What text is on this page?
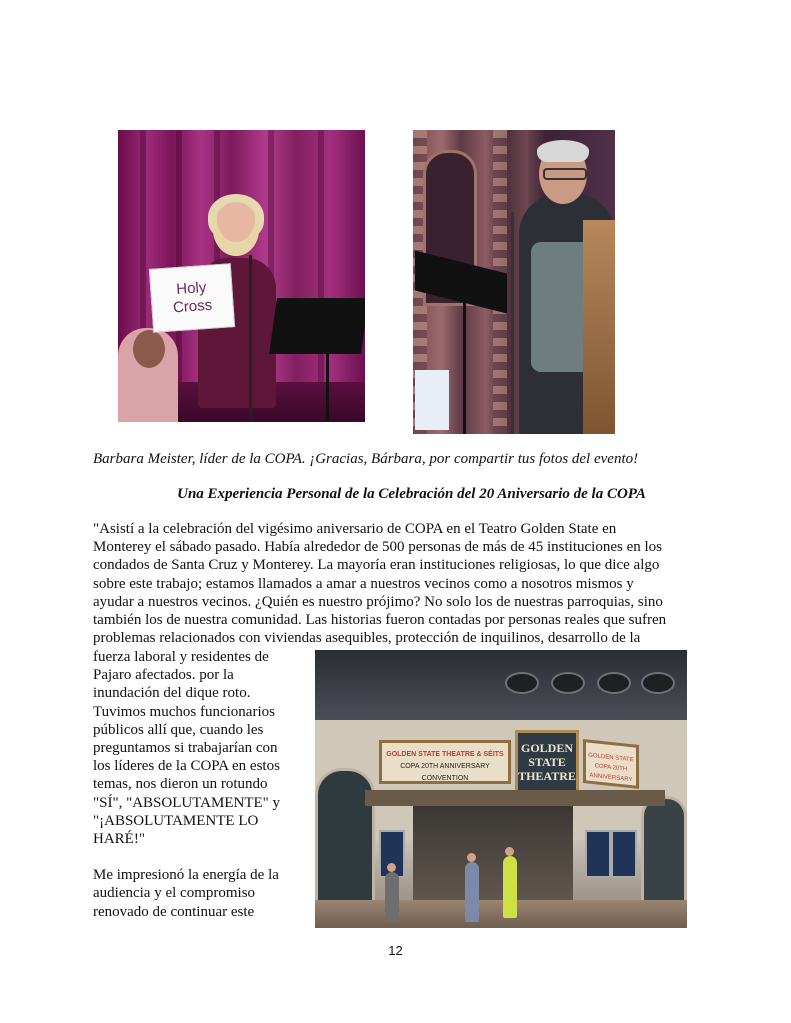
Holy
Cross
Barbara Meister, líder de la COPA. ¡Gracias, Bárbara, por compartir tus fotos del evento!
Una Experiencia Personal de la Celebración del 20 Aniversario de la COPA
"Asistí a la celebración del vigésimo aniversario de COPA en el Teatro Golden State en
Monterey el sábado pasado. Había alrededor de 500 personas de más de 45 instituciones en los
condados de Santa Cruz y Monterey. La mayoría eran instituciones religiosas, lo que dice algo
sobre este trabajo; estamos llamados a amar a nuestros vecinos como a nosotros mismos y
ayudar a nuestros vecinos. ¿Quién es nuestro prójimo? No solo los de nuestras parroquias, sino
también los de nuestra comunidad. Las historias fueron contadas por personas reales que sufren
problemas relacionados con viviendas asequibles, protección de inquilinos, desarrollo de la
fuerza laboral y residentes de
Pajaro afectados. por la
inundación del dique roto.
Tuvimos muchos funcionarios
públicos allí que, cuando les
preguntamos si trabajarían con
los líderes de la COPA en estos
temas, nos dieron un rotundo
"SÍ", "ABSOLUTAMENTE" y
"¡ABSOLUTAMENTE LO
HARÉ!"
Me impresionó la energía de la
audiencia y el compromiso
renovado de continuar este
GOLDEN STATE THEATRE & SÉITS
COPA 20TH ANNIVERSARY CONVENTION
GOLDEN
STATE
THEATRE
GOLDEN STATE
COPA 20TH ANNIVERSARY
12
